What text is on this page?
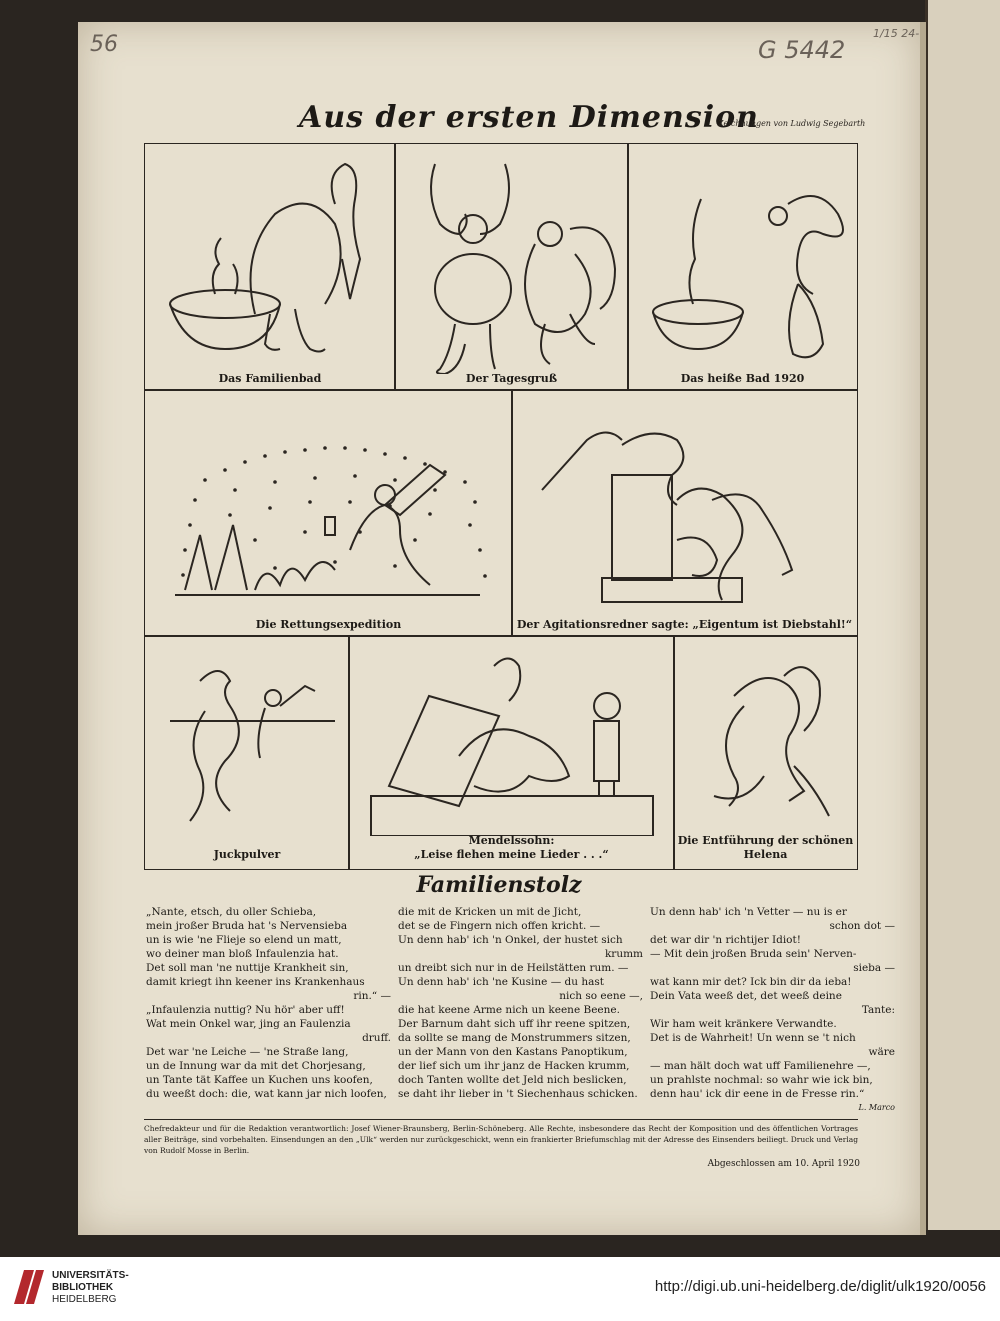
56	G 5442
1/15 24-
Aus der ersten Dimension
Zeichnungen von Ludwig Segebarth
Das Familienbad	Der Tagesgruß	Das heiße Bad 1920
Die Rettungsexpedition	Der Agitationsredner sagte: „Eigentum ist Diebstahl!“
Juckpulver
Mendelssohn:
„Leise flehen meine Lieder . . .“
Die Entführung der schönen
Helena
Familienstolz
„Nante, etsch, du oller Schieba,
mein jroßer Bruda hat 's Nervensieba
un is wie 'ne Flieje so elend un matt,
wo deiner man bloß Infaulenzia hat.
Det soll man 'ne nuttije Krankheit sin,
damit kriegt ihn keener ins Krankenhaus
rin.“ —
„Infaulenzia nuttig? Nu hör' aber uff!
Wat mein Onkel war, jing an Faulenzia
druff.
Det war 'ne Leiche — 'ne Straße lang,
un de Innung war da mit det Chorjesang,
un Tante tät Kaffee un Kuchen uns koofen,
du weeßt doch: die, wat kann jar nich loofen,
die mit de Kricken un mit de Jicht,
det se de Fingern nich offen kricht. —
Un denn hab' ich 'n Onkel, der hustet sich
krumm
un dreibt sich nur in de Heilstätten rum. —
Un denn hab' ich 'ne Kusine — du hast
nich so eene —,
die hat keene Arme nich un keene Beene.
Der Barnum daht sich uff ihr reene spitzen,
da sollte se mang de Monstrummers sitzen,
un der Mann von den Kastans Panoptikum,
der lief sich um ihr janz de Hacken krumm,
doch Tanten wollte det Jeld nich beslicken,
se daht ihr lieber in 't Siechenhaus schicken.
Un denn hab' ich 'n Vetter — nu is er
schon dot —
det war dir 'n richtijer Idiot!
— Mit dein jroßen Bruda sein' Nerven-
sieba —
wat kann mir det? Ick bin dir da ieba!
Dein Vata weeß det, det weeß deine
Tante:
Wir ham weit kränkere Verwandte.
Det is de Wahrheit! Un wenn se 't nich
wäre
— man hält doch wat uff Familienehre —,
un prahlste nochmal: so wahr wie ick bin,
denn hau' ick dir eene in de Fresse rin.“
L. Marco
Chefredakteur und für die Redaktion verantwortlich: Josef Wiener-Braunsberg, Berlin-Schöneberg. Alle Rechte, insbesondere das Recht der Komposition und des öffentlichen Vortrages aller Beiträge, sind vorbehalten. Einsendungen an den „Ulk“ werden nur zurückgeschickt, wenn ein frankierter Briefumschlag mit der Adresse des Einsenders beiliegt. Druck und Verlag von Rudolf Mosse in Berlin.
Abgeschlossen am 10. April 1920
UNIVERSITÄTS-
BIBLIOTHEK
HEIDELBERG
http://digi.ub.uni-heidelberg.de/diglit/ulk1920/0056
